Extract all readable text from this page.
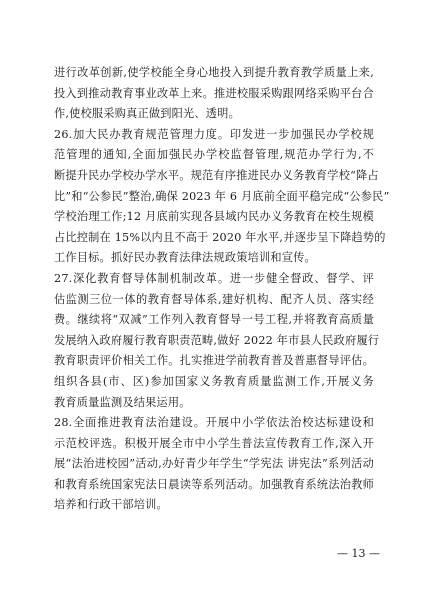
进行改革创新,使学校能全身心地投入到提升教育教学质量上来,
投入到推动教育事业改革上来。推进校服采购跟网络采购平台合
作,使校服采购真正做到阳光、透明。
26.加大民办教育规范管理力度。印发进一步加强民办学校规
范管理的通知,全面加强民办学校监督管理,规范办学行为,不
断提升民办学校办学水平。规范有序推进民办义务教育学校“降占
比”和“公参民”整治,确保 2023 年 6 月底前全面平稳完成“公参民”
学校治理工作;12 月底前实现各县域内民办义务教育在校生规模
占比控制在 15%以内且不高于 2020 年水平,并逐步呈下降趋势的
工作目标。抓好民办教育法律法规政策培训和宣传。
27.深化教育督导体制机制改革。进一步健全督政、督学、评
估监测三位一体的教育督导体系,建好机构、配齐人员、落实经
费。继续将“双减”工作列入教育督导一号工程,并将教育高质量
发展纳入政府履行教育职责范畴,做好 2022 年市县人民政府履行
教育职责评价相关工作。扎实推进学前教育普及普惠督导评估。
组织各县(市、区)参加国家义务教育质量监测工作,开展义务
教育质量监测及结果运用。
28.全面推进教育法治建设。开展中小学依法治校达标建设和
示范校评选。积极开展全市中小学生普法宣传教育工作,深入开
展“法治进校园”活动,办好青少年学生“学宪法 讲宪法”系列活动
和教育系统国家宪法日晨读等系列活动。加强教育系统法治教师
培养和行政干部培训。
— 13 —
